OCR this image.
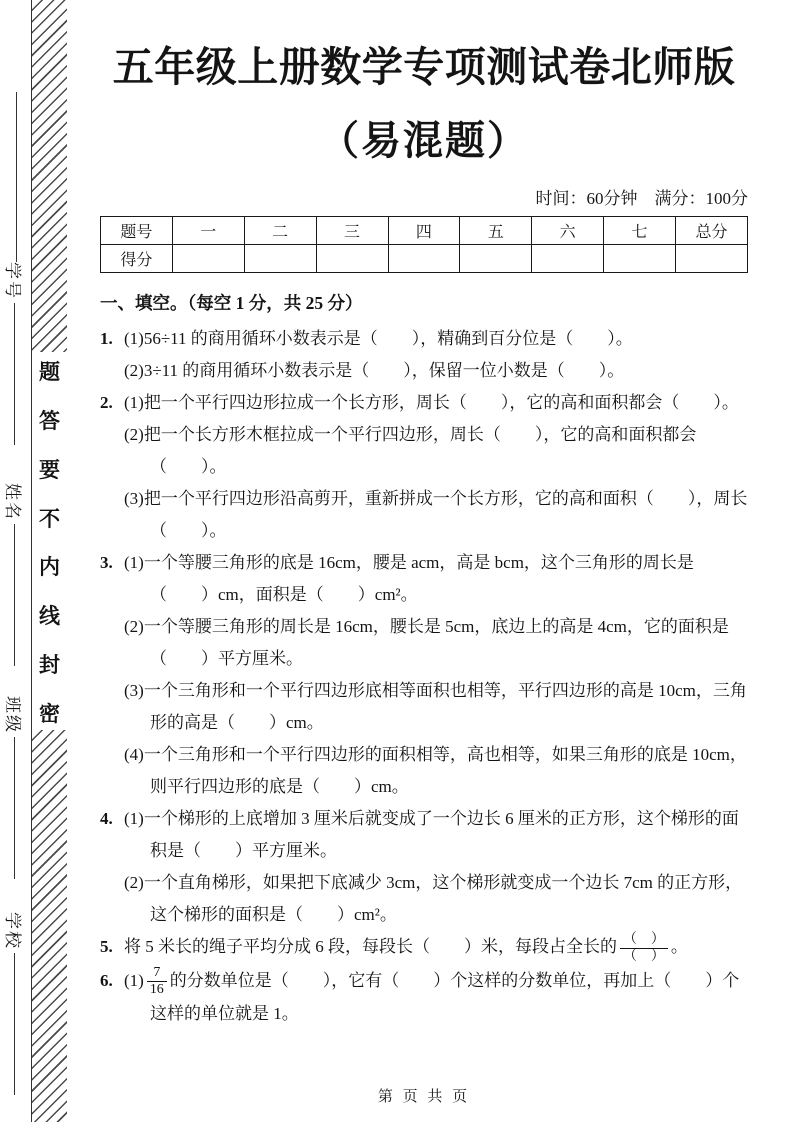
学号
姓名
班级
学校
题
答
要
不
内
线
封
密
五年级上册数学专项测试卷北师版
（易混题）
时间：60分钟　满分：100分
题号	一	二	三	四	五	六	七	总分
得分								
一、填空。（每空 1 分，共 25 分）
1. (1)56÷11 的商用循环小数表示是（　　），精确到百分位是（　　）。
(2)3÷11 的商用循环小数表示是（　　），保留一位小数是（　　）。
2. (1)把一个平行四边形拉成一个长方形，周长（　　），它的高和面积都会（　　）。
(2)把一个长方形木框拉成一个平行四边形，周长（　　），它的高和面积都会（　　）。
(3)把一个平行四边形沿高剪开，重新拼成一个长方形，它的高和面积（　　），周长（　　）。
3. (1)一个等腰三角形的底是 16cm，腰是 acm，高是 bcm，这个三角形的周长是（　　）cm，面积是（　　）cm²。
(2)一个等腰三角形的周长是 16cm，腰长是 5cm，底边上的高是 4cm，它的面积是（　　）平方厘米。
(3)一个三角形和一个平行四边形底相等面积也相等，平行四边形的高是 10cm，三角形的高是（　　）cm。
(4)一个三角形和一个平行四边形的面积相等，高也相等，如果三角形的底是 10cm，则平行四边形的底是（　　）cm。
4. (1)一个梯形的上底增加 3 厘米后就变成了一个边长 6 厘米的正方形，这个梯形的面积是（　　）平方厘米。
(2)一个直角梯形，如果把下底减少 3cm，这个梯形就变成一个边长 7cm 的正方形，这个梯形的面积是（　　）cm²。
5. 将 5 米长的绳子平均分成 6 段，每段长（　　）米，每段占全长的 $\frac{( )}{( )}$ 。
6. $(1) \frac{7}{16}$ 的分数单位是（　　），它有（　　）个这样的分数单位，再加上（　　）个这样的单位就是 1。
第 页 共 页
